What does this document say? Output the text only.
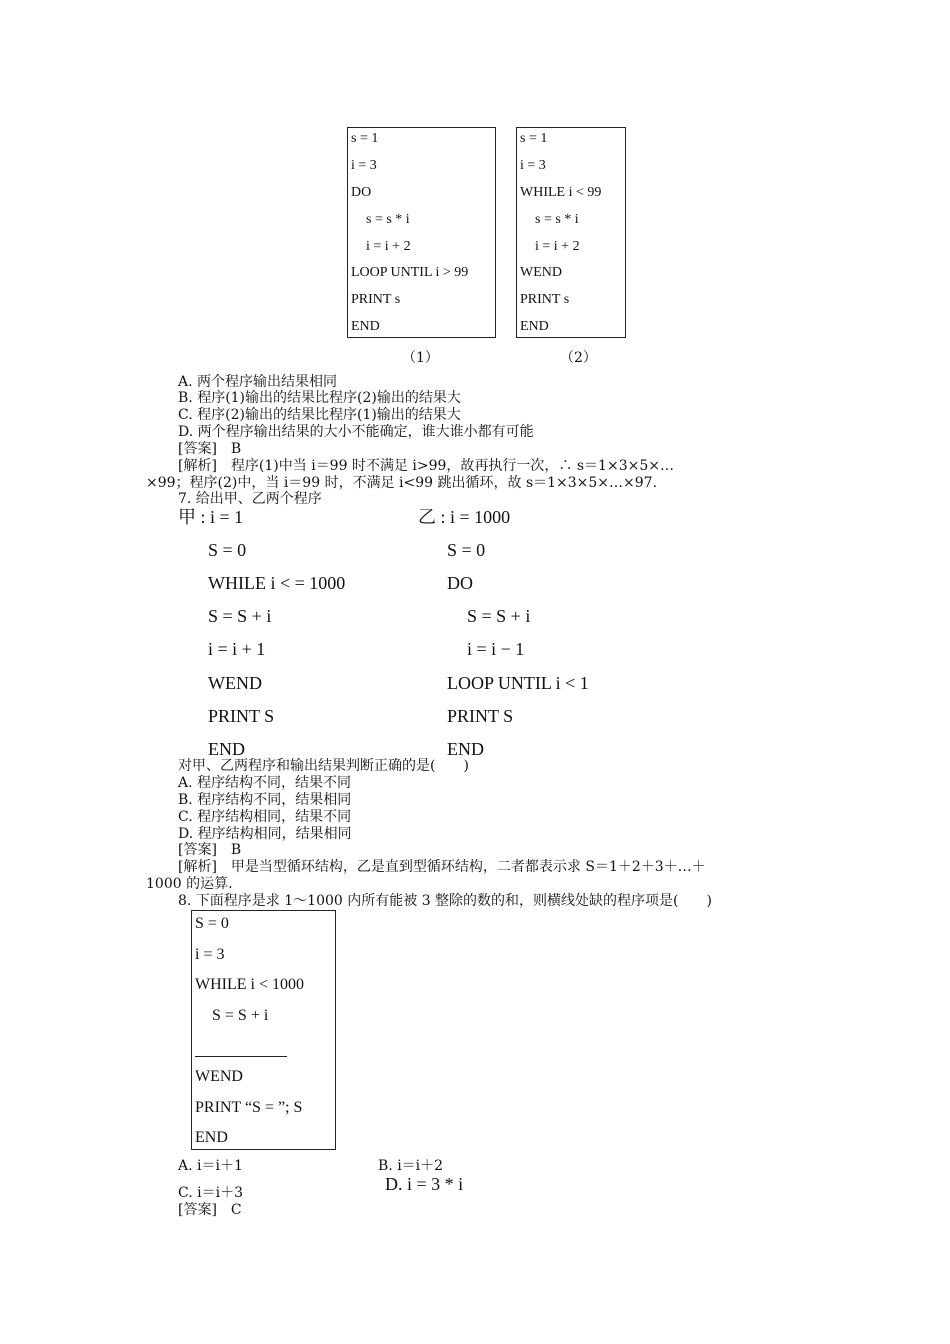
s = 1
i = 3
DO
s = s * i
i = i + 2
LOOP UNTIL i > 99
PRINT s
END
（1）
s = 1
i = 3
WHILE i < 99
s = s * i
i = i + 2
WEND
PRINT s
END
（2）
A. 两个程序输出结果相同
B. 程序(1)输出的结果比程序(2)输出的结果大
C. 程序(2)输出的结果比程序(1)输出的结果大
D. 两个程序输出结果的大小不能确定，谁大谁小都有可能
[答案]　B
[解析]　程序(1)中当 i＝99 时不满足 i>99，故再执行一次，∴ s＝1×3×5×…
×99；程序(2)中，当 i＝99 时，不满足 i<99 跳出循环，故 s＝1×3×5×…×97.
7. 给出甲、乙两个程序
甲 : i = 1
S = 0
WHILE i < = 1000
S = S + i
i = i + 1
WEND
PRINT S
END
乙 : i = 1000
S = 0
DO
S = S + i
i = i − 1
LOOP UNTIL i < 1
PRINT S
END
对甲、乙两程序和输出结果判断正确的是(　　)
A. 程序结构不同，结果不同
B. 程序结构不同，结果相同
C. 程序结构相同，结果不同
D. 程序结构相同，结果相同
[答案]　B
[解析]　甲是当型循环结构，乙是直到型循环结构，二者都表示求 S＝1＋2＋3＋…＋
1000 的运算.
8. 下面程序是求 1～1000 内所有能被 3 整除的数的和，则横线处缺的程序项是(　　)
S = 0
i = 3
WHILE i < 1000
S = S + i
WEND
PRINT “S = ”; S
END
A. i＝i＋1	B. i＝i＋2
C. i＝i＋3	D. i = 3 * i
[答案]　C
